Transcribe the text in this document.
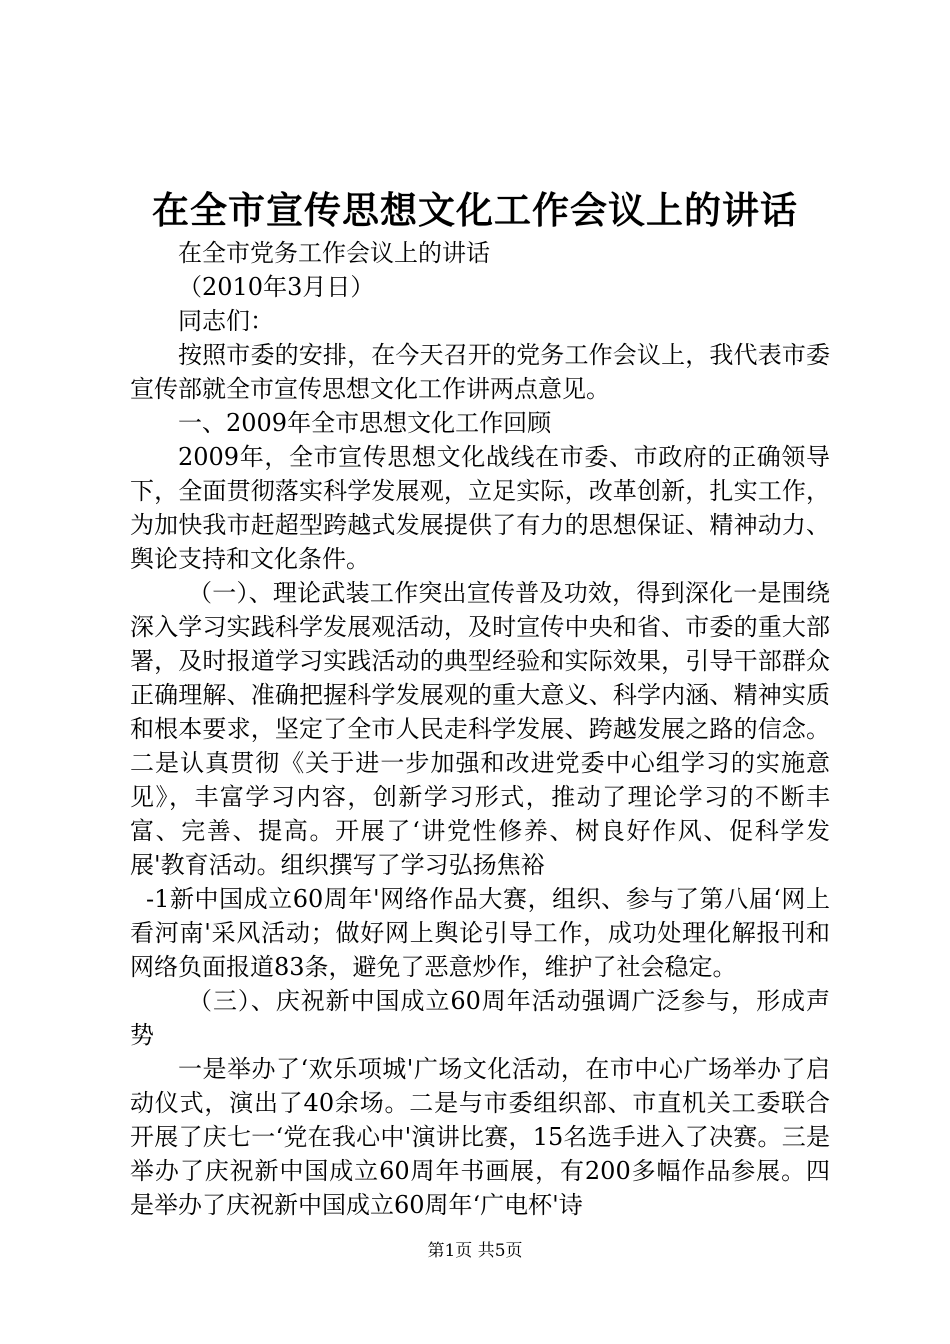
在全市宣传思想文化工作会议上的讲话

在全市党务工作会议上的讲话

（2010年3月日）

同志们：

按照市委的安排，在今天召开的党务工作会议上，我代表市委宣传部就全市宣传思想文化工作讲两点意见。

一、2009年全市思想文化工作回顾

2009年，全市宣传思想文化战线在市委、市政府的正确领导下，全面贯彻落实科学发展观，立足实际，改革创新，扎实工作，为加快我市赶超型跨越式发展提供了有力的思想保证、精神动力、舆论支持和文化条件。

（一）、理论武装工作突出宣传普及功效，得到深化一是围绕深入学习实践科学发展观活动，及时宣传中央和省、市委的重大部署，及时报道学习实践活动的典型经验和实际效果，引导干部群众正确理解、准确把握科学发展观的重大意义、科学内涵、精神实质和根本要求，坚定了全市人民走科学发展、跨越发展之路的信念。二是认真贯彻《关于进一步加强和改进党委中心组学习的实施意见》，丰富学习内容，创新学习形式，推动了理论学习的不断丰富、完善、提高。开展了‘讲党性修养、树良好作风、促科学发展'教育活动。组织撰写了学习弘扬焦裕

-1新中国成立60周年'网络作品大赛，组织、参与了第八届‘网上看河南'采风活动；做好网上舆论引导工作，成功处理化解报刊和网络负面报道83条，避免了恶意炒作，维护了社会稳定。

（三）、庆祝新中国成立60周年活动强调广泛参与，形成声势

一是举办了‘欢乐项城'广场文化活动，在市中心广场举办了启动仪式，演出了40余场。二是与市委组织部、市直机关工委联合开展了庆七一‘党在我心中'演讲比赛，15名选手进入了决赛。三是举办了庆祝新中国成立60周年书画展，有200多幅作品参展。四是举办了庆祝新中国成立60周年‘广电杯'诗

第1页 共5页
